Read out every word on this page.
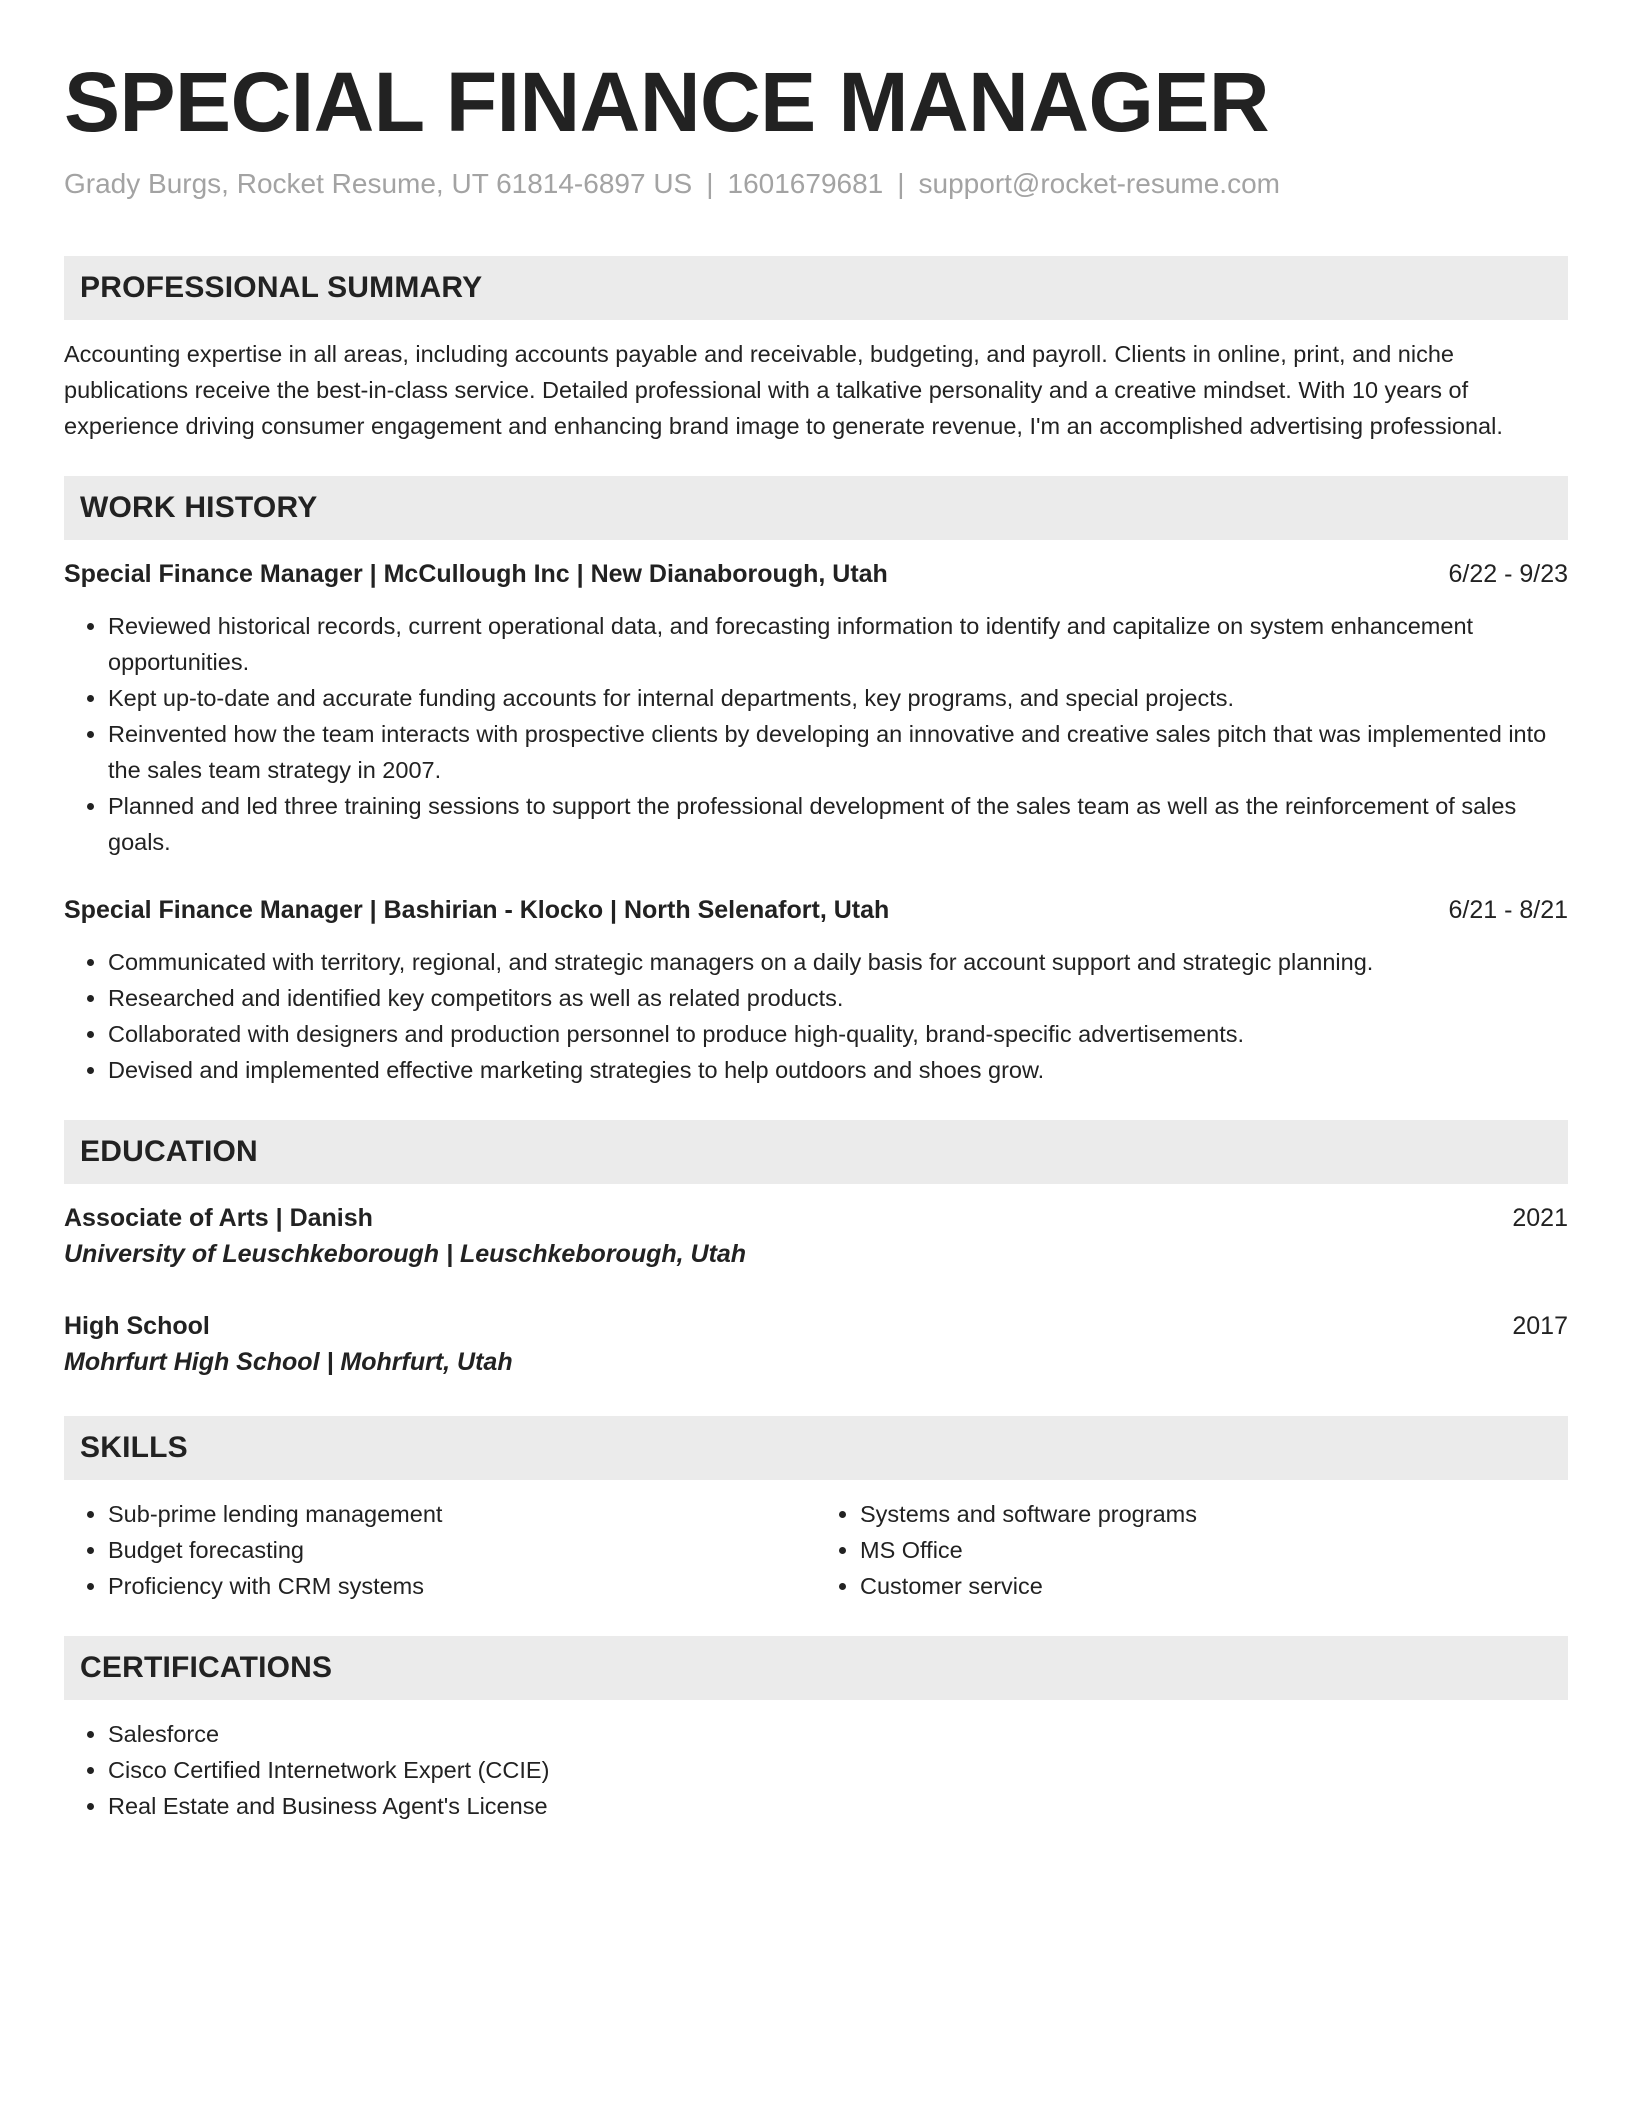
SPECIAL FINANCE MANAGER
Grady Burgs, Rocket Resume, UT 61814-6897 US | 1601679681 | support@rocket-resume.com
PROFESSIONAL SUMMARY

Accounting expertise in all areas, including accounts payable and receivable, budgeting, and payroll. Clients in online, print, and niche publications receive the best-in-class service. Detailed professional with a talkative personality and a creative mindset. With 10 years of experience driving consumer engagement and enhancing brand image to generate revenue, I'm an accomplished advertising professional.

WORK HISTORY
Special Finance Manager | McCullough Inc | New Dianaborough, Utah	6/22 - 9/23
• Reviewed historical records, current operational data, and forecasting information to identify and capitalize on system enhancement opportunities.
• Kept up-to-date and accurate funding accounts for internal departments, key programs, and special projects.
• Reinvented how the team interacts with prospective clients by developing an innovative and creative sales pitch that was implemented into the sales team strategy in 2007.
• Planned and led three training sessions to support the professional development of the sales team as well as the reinforcement of sales goals.
Special Finance Manager | Bashirian - Klocko | North Selenafort, Utah	6/21 - 8/21
• Communicated with territory, regional, and strategic managers on a daily basis for account support and strategic planning.
• Researched and identified key competitors as well as related products.
• Collaborated with designers and production personnel to produce high-quality, brand-specific advertisements.
• Devised and implemented effective marketing strategies to help outdoors and shoes grow.
EDUCATION
Associate of Arts | Danish	2021
University of Leuschkeborough | Leuschkeborough, Utah
High School	2017
Mohrfurt High School | Mohrfurt, Utah
SKILLS
• Sub-prime lending management
• Budget forecasting
• Proficiency with CRM systems
• Systems and software programs
• MS Office
• Customer service
CERTIFICATIONS
• Salesforce
• Cisco Certified Internetwork Expert (CCIE)
• Real Estate and Business Agent's License
